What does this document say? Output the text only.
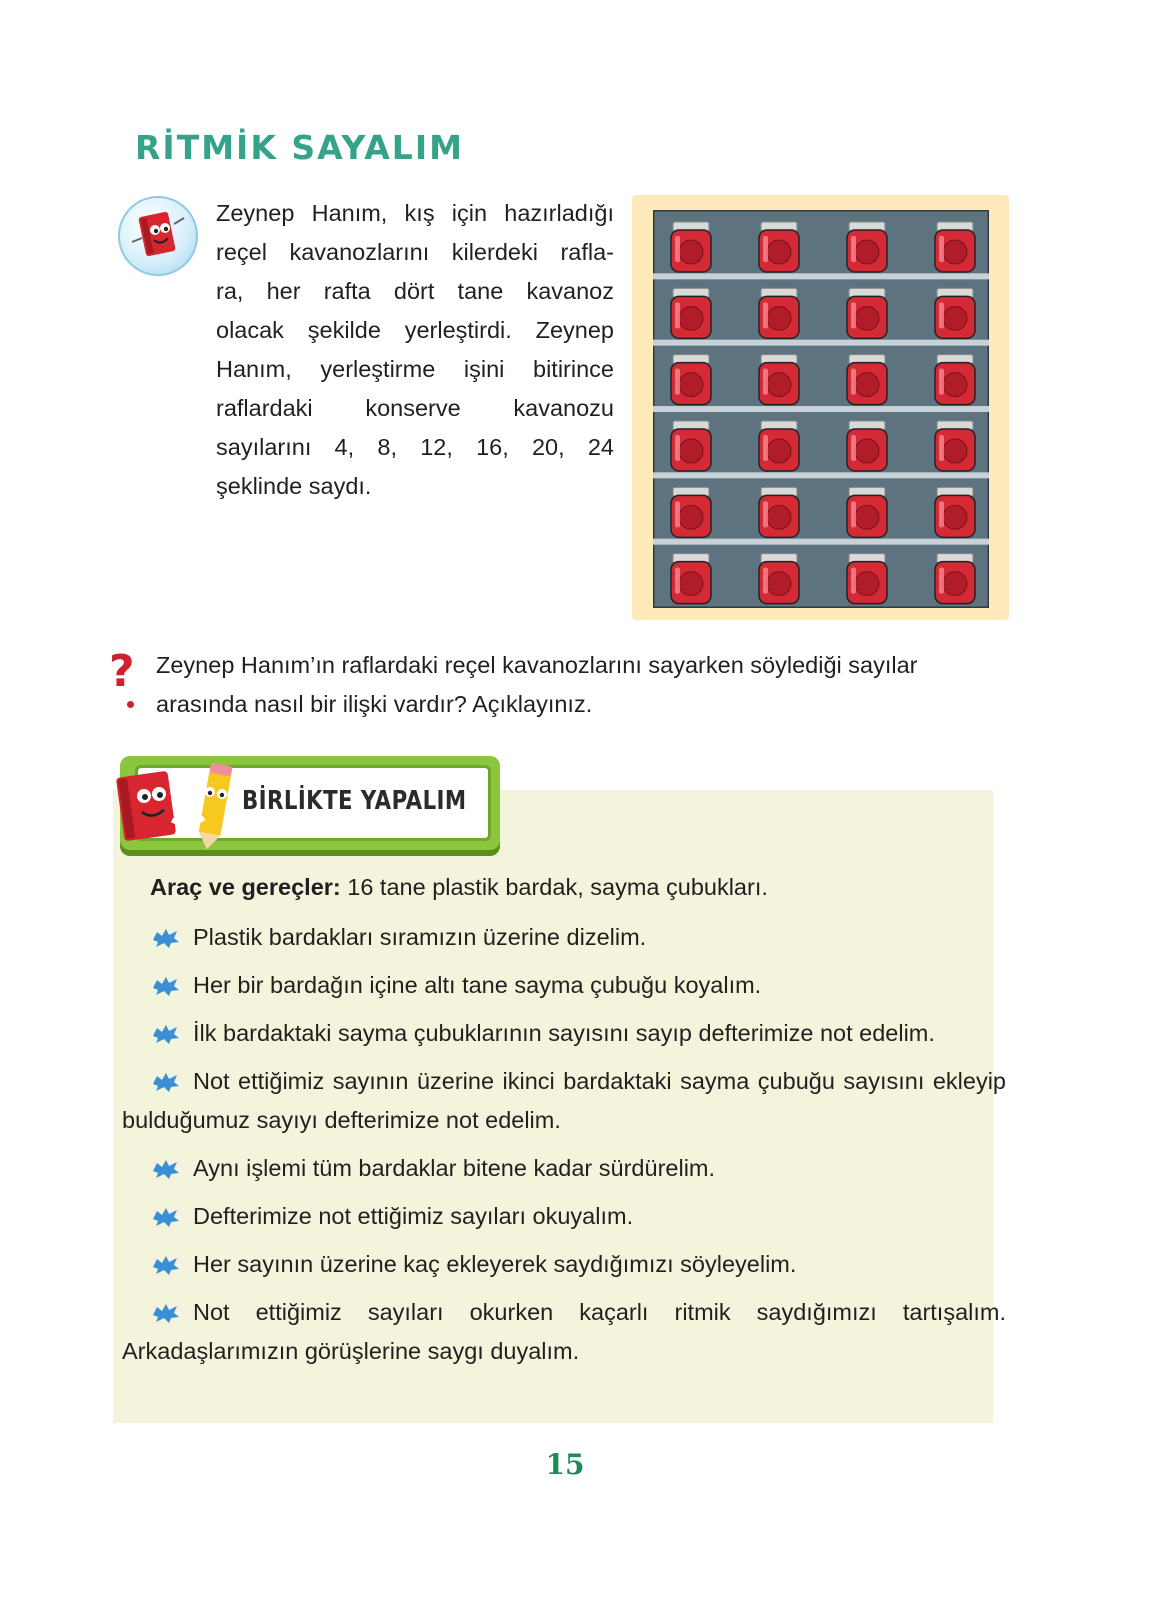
RİTMİK SAYALIM
Zeynep Hanım, kış için hazırladığı
reçel kavanozlarını kilerdeki rafla-
ra, her rafta dört tane kavanoz
olacak şekilde yerleştirdi. Zeynep
Hanım, yerleştirme işini bitirince
raflardaki konserve kavanozu
sayılarını 4, 8, 12, 16, 20, 24
şeklinde saydı.
? Zeynep Hanım’ın raflardaki reçel kavanozlarını sayarken söylediği sayılar
arasında nasıl bir ilişki vardır? Açıklayınız.
BİRLİKTE YAPALIM
Araç ve gereçler: 16 tane plastik bardak, sayma çubukları.
Plastik bardakları sıramızın üzerine dizelim.
Her bir bardağın içine altı tane sayma çubuğu koyalım.
İlk bardaktaki sayma çubuklarının sayısını sayıp defterimize not edelim.
Not ettiğimiz sayının üzerine ikinci bardaktaki sayma çubuğu sayısını ekleyip bulduğumuz sayıyı defterimize not edelim.
Aynı işlemi tüm bardaklar bitene kadar sürdürelim.
Defterimize not ettiğimiz sayıları okuyalım.
Her sayının üzerine kaç ekleyerek saydığımızı söyleyelim.
Not ettiğimiz sayıları okurken kaçarlı ritmik saydığımızı tartışalım. Arkadaşlarımızın görüşlerine saygı duyalım.
15
